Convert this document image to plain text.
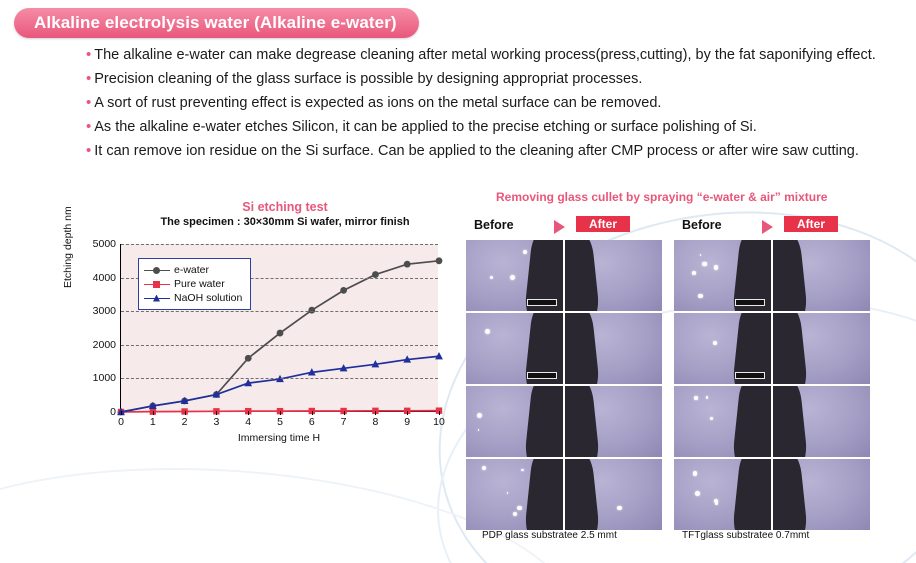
Alkaline electrolysis water (Alkaline e-water)
• The alkaline e-water can make degrease cleaning after metal working process(press,cutting), by the fat saponifying effect.
• Precision cleaning of the glass surface is possible by designing appropriat processes.
• A sort of rust preventing effect is expected as ions on the metal surface can be removed.
• As the alkaline e-water etches Silicon, it can be applied to the precise etching or surface polishing of Si.
• It can remove ion residue on the Si surface. Can be applied to the cleaning after CMP process or after wire saw cutting.
Si etching test
The specimen : 30×30mm Si wafer, mirror finish
Etching depth nm
0
1000
2000
3000
4000
5000
0 1 2 3 4 5 6 7 8 9 10
Immersing time H
e-water
Pure water
NaOH solution
Removing glass cullet by spraying “e-water & air” mixture
Before	After	Before	After
PDP glass substratee 2.5 mmt	TFTglass substratee 0.7mmt
